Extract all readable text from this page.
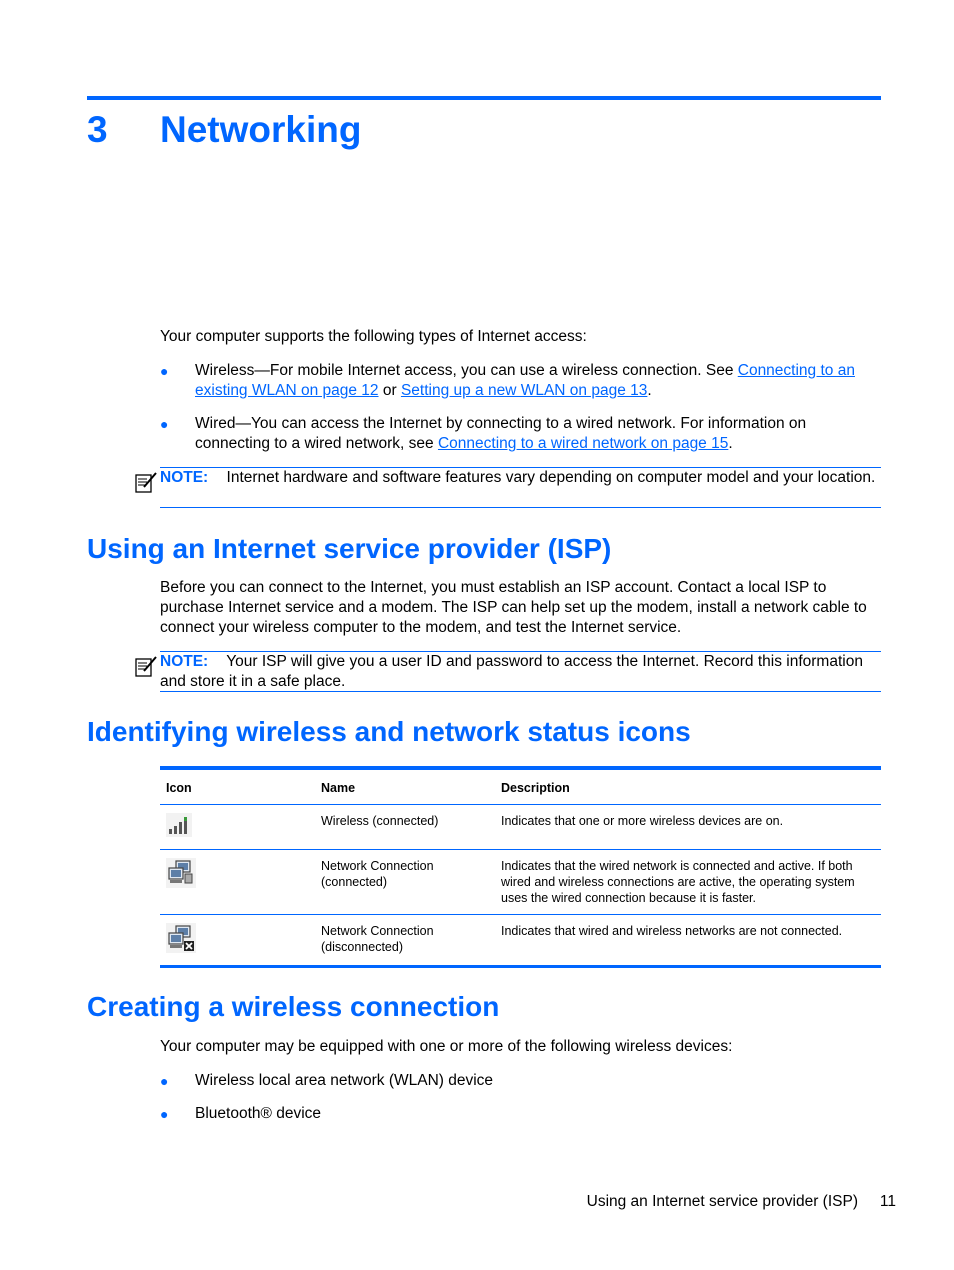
3 Networking
Your computer supports the following types of Internet access:
● Wireless—For mobile Internet access, you can use a wireless connection. See Connecting to an existing WLAN on page 12 or Setting up a new WLAN on page 13.
● Wired—You can access the Internet by connecting to a wired network. For information on connecting to a wired network, see Connecting to a wired network on page 15.
NOTE: Internet hardware and software features vary depending on computer model and your location.
Using an Internet service provider (ISP)
Before you can connect to the Internet, you must establish an ISP account. Contact a local ISP to purchase Internet service and a modem. The ISP can help set up the modem, install a network cable to connect your wireless computer to the modem, and test the Internet service.
NOTE: Your ISP will give you a user ID and password to access the Internet. Record this information and store it in a safe place.
Identifying wireless and network status icons
Icon	Name	Description
	Wireless (connected)	Indicates that one or more wireless devices are on.
	Network Connection (connected)	Indicates that the wired network is connected and active. If both wired and wireless connections are active, the operating system uses the wired connection because it is faster.
	Network Connection (disconnected)	Indicates that wired and wireless networks are not connected.
Creating a wireless connection
Your computer may be equipped with one or more of the following wireless devices:
● Wireless local area network (WLAN) device
● Bluetooth® device
Using an Internet service provider (ISP) 11
